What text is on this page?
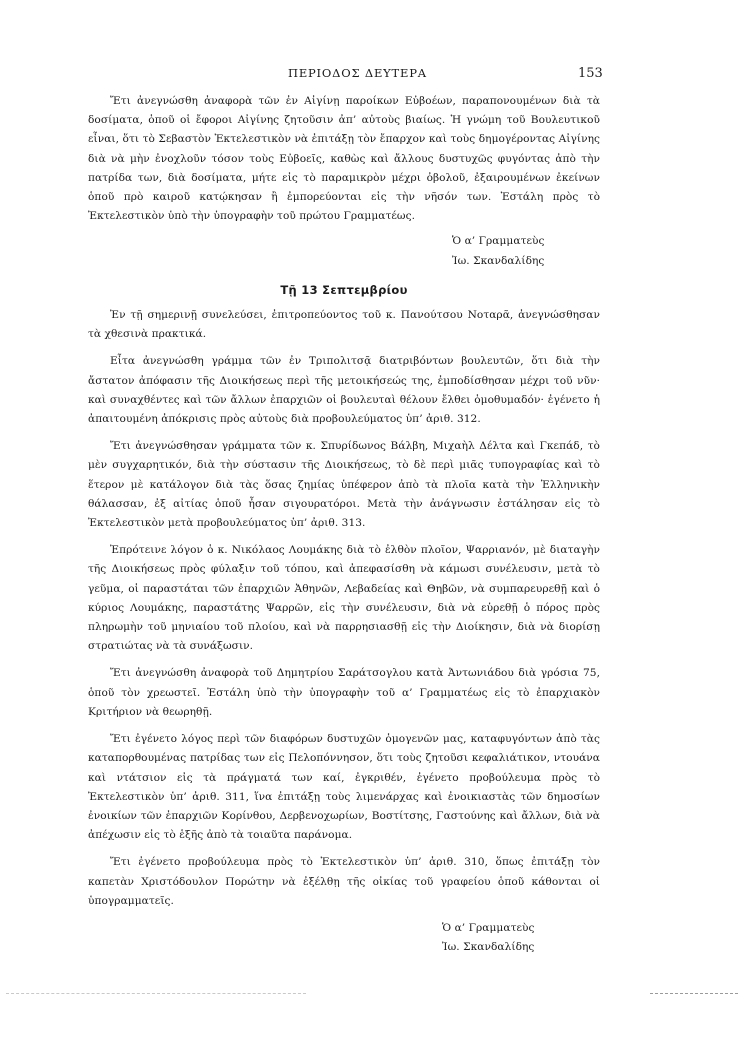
ΠΕΡΙΟΔΟΣ ΔΕΥΤΕΡΑ	153

Ἔτι ἀνεγνώσθη ἀναφορὰ τῶν ἐν Αἰγίνῃ παροίκων Εὐβοέων, παραπονουμένων διὰ τὰ δοσίματα, ὁποῦ οἱ ἔφοροι Αἰγίνης ζητοῦσιν ἀπ’ αὐτοὺς βιαίως. Ἡ γνώμη τοῦ Βουλευτικοῦ εἶναι, ὅτι τὸ Σεβαστὸν Ἐκτελεστικὸν νὰ ἐπιτάξῃ τὸν ἔπαρχον καὶ τοὺς δημογέροντας Αἰγίνης διὰ νὰ μὴν ἐνοχλοῦν τόσον τοὺς Εὐβοεῖς, καθὼς καὶ ἄλλους δυστυχῶς φυγόντας ἀπὸ τὴν πατρίδα των, διὰ δοσίματα, μήτε εἰς τὸ παραμικρὸν μέχρι ὀβολοῦ, ἐξαιρουμένων ἐκείνων ὁποῦ πρὸ καιροῦ κατῴκησαν ἢ ἐμπορεύονται εἰς τὴν νῆσόν των. Ἐστάλη πρὸς τὸ Ἐκτελεστικὸν ὑπὸ τὴν ὑπογραφὴν τοῦ πρώτου Γραμματέως.

Ὁ α’ Γραμματεὺς
Ἰω. Σκανδαλίδης
Τῇ 13 Σεπτεμβρίου

Ἐν τῇ σημερινῇ συνελεύσει, ἐπιτροπεύοντος τοῦ κ. Πανούτσου Νοταρᾶ, ἀνεγνώσθησαν τὰ χθεσινὰ πρακτικά.

Εἶτα ἀνεγνώσθη γράμμα τῶν ἐν Τριπολιτσᾷ διατριβόντων βουλευτῶν, ὅτι διὰ τὴν ἄστατον ἀπόφασιν τῆς Διοικήσεως περὶ τῆς μετοικήσεώς της, ἐμποδίσθησαν μέχρι τοῦ νῦν· καὶ συναχθέντες καὶ τῶν ἄλλων ἐπαρχιῶν οἱ βουλευταὶ θέλουν ἔλθει ὁμοθυμαδόν· ἐγένετο ἡ ἀπαιτουμένη ἀπόκρισις πρὸς αὐτοὺς διὰ προβουλεύματος ὑπ’ ἀριθ. 312.

Ἔτι ἀνεγνώσθησαν γράμματα τῶν κ. Σπυρίδωνος Βάλβη, Μιχαὴλ Δέλτα καὶ Γκεπάδ, τὸ μὲν συγχαρητικόν, διὰ τὴν σύστασιν τῆς Διοικήσεως, τὸ δὲ περὶ μιᾶς τυπογραφίας καὶ τὸ ἕτερον μὲ κατάλογον διὰ τὰς ὅσας ζημίας ὑπέφερον ἀπὸ τὰ πλοῖα κατὰ τὴν Ἑλληνικὴν θάλασσαν, ἐξ αἰτίας ὁποῦ ἦσαν σιγουρατόροι. Μετὰ τὴν ἀνάγνωσιν ἐστάλησαν εἰς τὸ Ἐκτελεστικὸν μετὰ προβουλεύματος ὑπ’ ἀριθ. 313.

Ἐπρότεινε λόγον ὁ κ. Νικόλαος Λουμάκης διὰ τὸ ἐλθὸν πλοῖον, Ψαρριανόν, μὲ διαταγὴν τῆς Διοικήσεως πρὸς φύλαξιν τοῦ τόπου, καὶ ἀπεφασίσθη νὰ κάμωσι συνέλευσιν, μετὰ τὸ γεῦμα, οἱ παραστάται τῶν ἐπαρχιῶν Ἀθηνῶν, Λεβαδείας καὶ Θηβῶν, νὰ συμπαρευρεθῇ καὶ ὁ κύριος Λουμάκης, παραστάτης Ψαρρῶν, εἰς τὴν συνέλευσιν, διὰ νὰ εὑρεθῇ ὁ πόρος πρὸς πληρωμὴν τοῦ μηνιαίου τοῦ πλοίου, καὶ νὰ παρρησιασθῇ εἰς τὴν Διοίκησιν, διὰ νὰ διορίσῃ στρατιώτας νὰ τὰ συνάξωσιν.

Ἔτι ἀνεγνώσθη ἀναφορὰ τοῦ Δημητρίου Σαράτσογλου κατὰ Ἀντωνιάδου διὰ γρόσια 75, ὁποῦ τὸν χρεωστεῖ. Ἐστάλη ὑπὸ τὴν ὑπογραφὴν τοῦ α’ Γραμματέως εἰς τὸ ἐπαρχιακὸν Κριτήριον νὰ θεωρηθῇ.

Ἔτι ἐγένετο λόγος περὶ τῶν διαφόρων δυστυχῶν ὁμογενῶν μας, καταφυγόντων ἀπὸ τὰς καταπορθουμένας πατρίδας των εἰς Πελοπόννησον, ὅτι τοὺς ζητοῦσι κεφαλιάτικον, ντουάνα καὶ ντάτσιον εἰς τὰ πράγματά των καί, ἐγκριθέν, ἐγένετο προβούλευμα πρὸς τὸ Ἐκτελεστικὸν ὑπ’ ἀριθ. 311, ἵνα ἐπιτάξῃ τοὺς λιμενάρχας καὶ ἐνοικιαστὰς τῶν δημοσίων ἐνοικίων τῶν ἐπαρχιῶν Κορίνθου, Δερβενοχωρίων, Βοστίτσης, Γαστούνης καὶ ἄλλων, διὰ νὰ ἀπέχωσιν εἰς τὸ ἑξῆς ἀπὸ τὰ τοιαῦτα παράνομα.

Ἔτι ἐγένετο προβούλευμα πρὸς τὸ Ἐκτελεστικὸν ὑπ’ ἀριθ. 310, ὅπως ἐπιτάξῃ τὸν καπετὰν Χριστόδουλον Πορώτην νὰ ἐξέλθῃ τῆς οἰκίας τοῦ γραφείου ὁποῦ κάθονται οἱ ὑπογραμματεῖς.

Ὁ α’ Γραμματεὺς
Ἰω. Σκανδαλίδης
